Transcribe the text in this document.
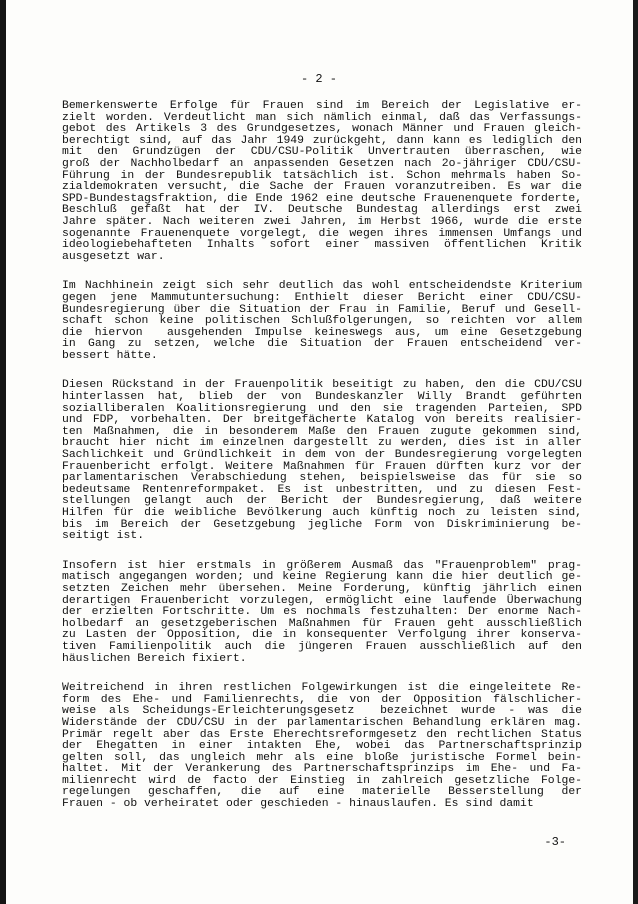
- 2 -
Bemerkenswerte Erfolge für Frauen sind im Bereich der Legislative er-
zielt worden. Verdeutlicht man sich nämlich einmal, daß das Verfassungs-
gebot des Artikels 3 des Grundgesetzes, wonach Männer und Frauen gleich-
berechtigt sind, auf das Jahr 1949 zurückgeht, dann kann es lediglich den
mit den Grundzügen der CDU/CSU-Politik Unvertrauten überraschen, wie
groß der Nachholbedarf an anpassenden Gesetzen nach 2o-jähriger CDU/CSU-
Führung in der Bundesrepublik tatsächlich ist. Schon mehrmals haben So-
zialdemokraten versucht, die Sache der Frauen voranzutreiben. Es war die
SPD-Bundestagsfraktion, die Ende 1962 eine deutsche Frauenenquete forderte,
Beschluß gefaßt hat der IV. Deutsche Bundestag allerdings erst zwei
Jahre später. Nach weiteren zwei Jahren, im Herbst 1966, wurde die erste
sogenannte Frauenenquete vorgelegt, die wegen ihres immensen Umfangs und
ideologiebehafteten Inhalts sofort einer massiven öffentlichen Kritik
ausgesetzt war.
Im Nachhinein zeigt sich sehr deutlich das wohl entscheidendste Kriterium
gegen jene Mammutuntersuchung: Enthielt dieser Bericht einer CDU/CSU-
Bundesregierung über die Situation der Frau in Familie, Beruf und Gesell-
schaft schon keine politischen Schlußfolgerungen, so reichten vor allem
die hiervon  ausgehenden Impulse keineswegs aus, um eine Gesetzgebung
in Gang zu setzen, welche die Situation der Frauen entscheidend ver-
bessert hätte.
Diesen Rückstand in der Frauenpolitik beseitigt zu haben, den die CDU/CSU
hinterlassen hat, blieb der von Bundeskanzler Willy Brandt geführten
sozialliberalen Koalitionsregierung und den sie tragenden Parteien, SPD
und FDP, vorbehalten. Der breitgefächerte Katalog von bereits realisier-
ten Maßnahmen, die in besonderem Maße den Frauen zugute gekommen sind,
braucht hier nicht im einzelnen dargestellt zu werden, dies ist in aller
Sachlichkeit und Gründlichkeit in dem von der Bundesregierung vorgelegten
Frauenbericht erfolgt. Weitere Maßnahmen für Frauen dürften kurz vor der
parlamentarischen Verabschiedung stehen, beispielsweise das für sie so
bedeutsame Rentenreformpaket. Es ist unbestritten, und zu diesen Fest-
stellungen gelangt auch der Bericht der Bundesregierung, daß weitere
Hilfen für die weibliche Bevölkerung auch künftig noch zu leisten sind,
bis im Bereich der Gesetzgebung jegliche Form von Diskriminierung be-
seitigt ist.
Insofern ist hier erstmals in größerem Ausmaß das "Frauenproblem" prag-
matisch angegangen worden; und keine Regierung kann die hier deutlich ge-
setzten Zeichen mehr übersehen. Meine Forderung, künftig jährlich einen
derartigen Frauenbericht vorzulegen, ermöglicht eine laufende Überwachung
der erzielten Fortschritte. Um es nochmals festzuhalten: Der enorme Nach-
holbedarf an gesetzgeberischen Maßnahmen für Frauen geht ausschließlich
zu Lasten der Opposition, die in konsequenter Verfolgung ihrer konserva-
tiven Familienpolitik auch die jüngeren Frauen ausschließlich auf den
häuslichen Bereich fixiert.
Weitreichend in ihren restlichen Folgewirkungen ist die eingeleitete Re-
form des Ehe- und Familienrechts, die von der Opposition fälschlicher-
weise als Scheidungs-Erleichterungsgesetz  bezeichnet wurde - was die
Widerstände der CDU/CSU in der parlamentarischen Behandlung erklären mag.
Primär regelt aber das Erste Eherechtsreformgesetz den rechtlichen Status
der Ehegatten in einer intakten Ehe, wobei das Partnerschaftsprinzip
gelten soll, das ungleich mehr als eine bloße juristische Formel bein-
haltet. Mit der Verankerung des Partnerschaftsprinzips im Ehe- und Fa-
milienrecht wird de facto der Einstieg in zahlreich gesetzliche Folge-
regelungen geschaffen, die auf eine materielle Besserstellung der
Frauen - ob verheiratet oder geschieden - hinauslaufen. Es sind damit
-3-
